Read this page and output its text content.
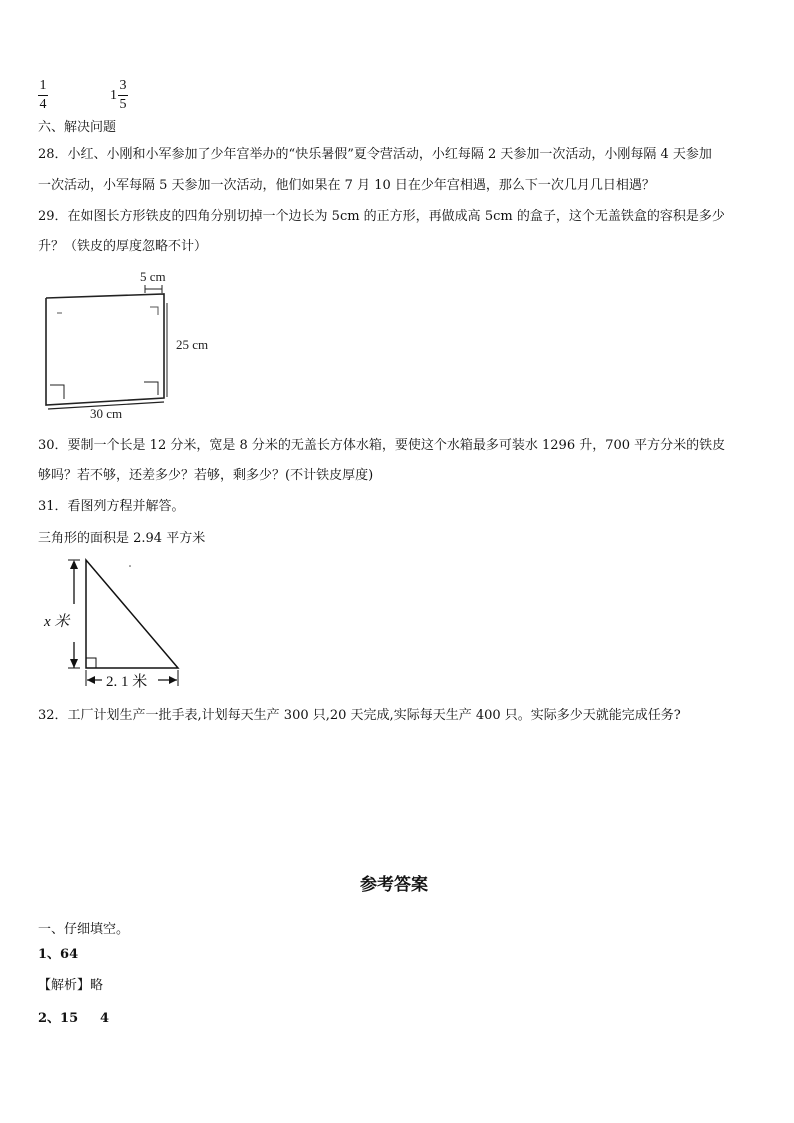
1
4
$1 \frac{3}{5}$
六、解决问题
28．小红、小刚和小军参加了少年宫举办的“快乐暑假”夏令营活动，小红每隔 2 天参加一次活动，小刚每隔 4 天参加
一次活动，小军每隔 5 天参加一次活动，他们如果在 7 月 10 日在少年宫相遇，那么下一次几月几日相遇？
29．在如图长方形铁皮的四角分别切掉一个边长为 5cm 的正方形，再做成高 5cm 的盒子，这个无盖铁盒的容积是多少
升？（铁皮的厚度忽略不计）
5 cm
25 cm
30 cm
30．要制一个长是 12 分米，宽是 8 分米的无盖长方体水箱，要使这个水箱最多可装水 1296 升，700 平方分米的铁皮
够吗？若不够，还差多少？若够，剩多少？(不计铁皮厚度)
31．看图列方程并解答。
三角形的面积是 2.94 平方米
x 米
2. 1 米
32．工厂计划生产一批手表,计划每天生产 300 只,20 天完成,实际每天生产 400 只。实际多少天就能完成任务?
参考答案
一、仔细填空。
1、64
【解析】略
2、15 4
